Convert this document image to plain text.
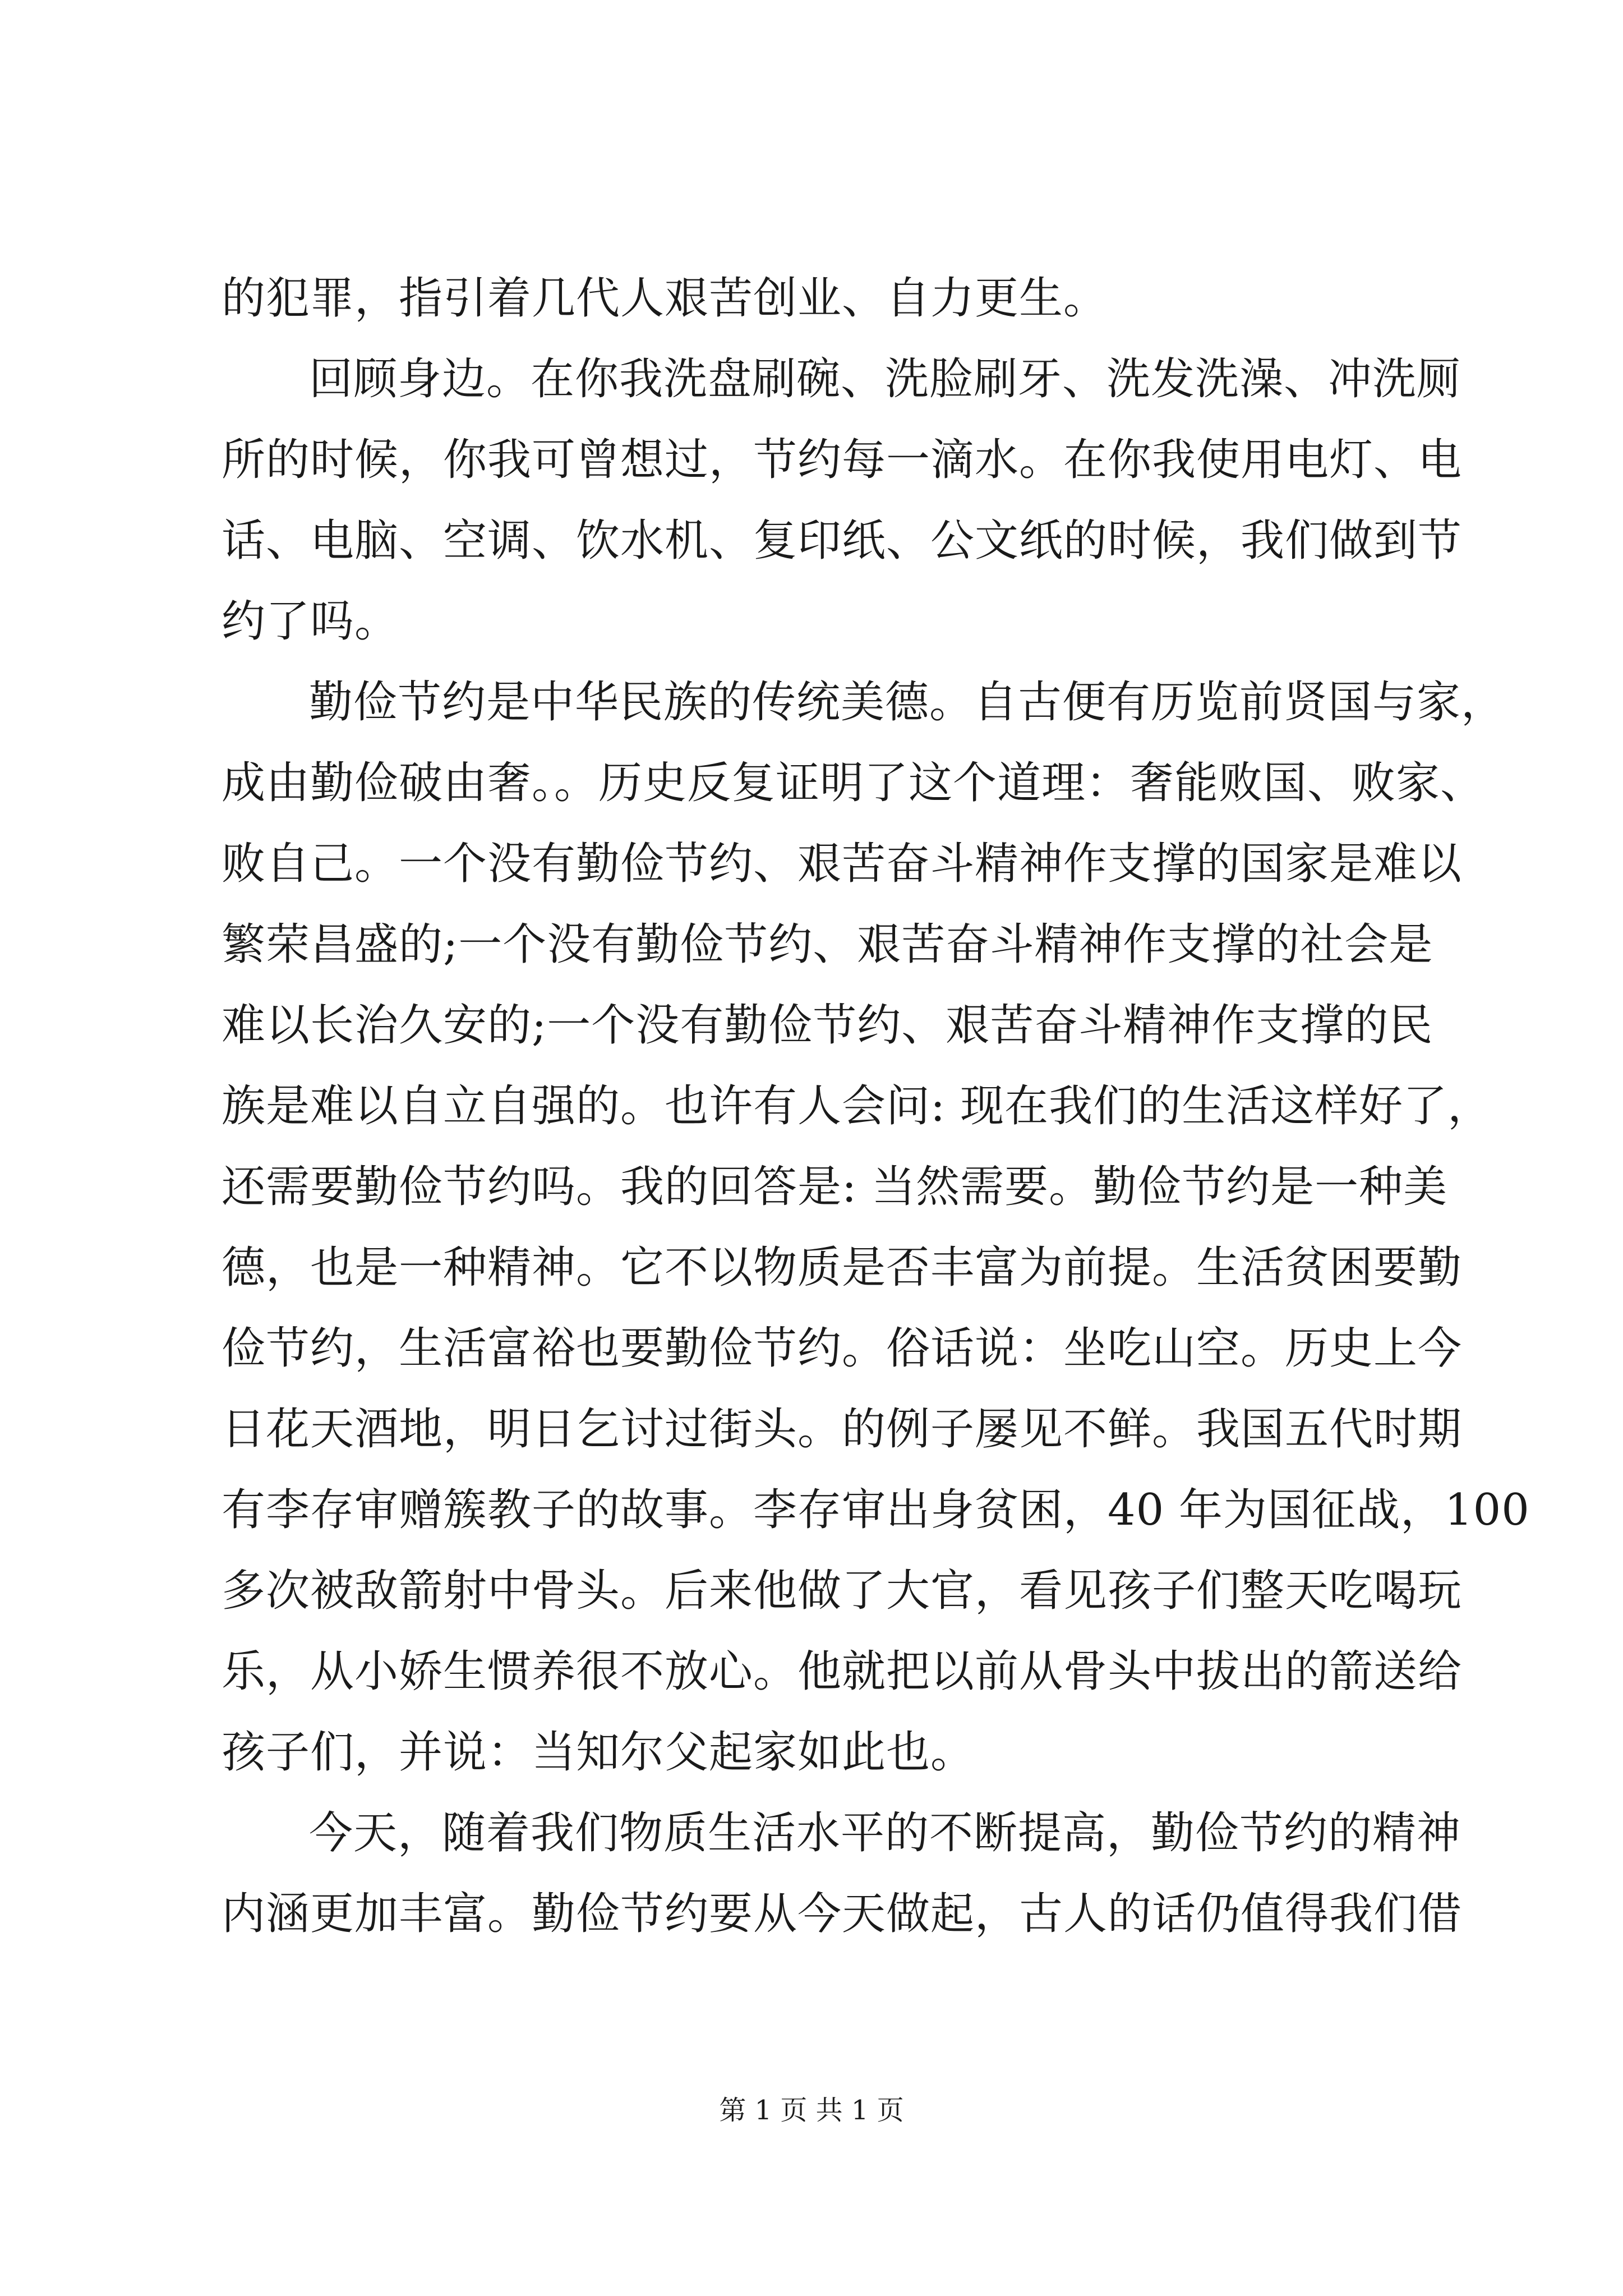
的犯罪，指引着几代人艰苦创业、自力更生。
回顾身边。在你我洗盘刷碗、洗脸刷牙、洗发洗澡、冲洗厕
所的时候，你我可曾想过，节约每一滴水。在你我使用电灯、电
话、电脑、空调、饮水机、复印纸、公文纸的时候，我们做到节
约了吗。
勤俭节约是中华民族的传统美德。自古便有历览前贤国与家，
成由勤俭破由奢。。历史反复证明了这个道理：奢能败国、败家、
败自己。一个没有勤俭节约、艰苦奋斗精神作支撑的国家是难以
繁荣昌盛的;一个没有勤俭节约、艰苦奋斗精神作支撑的社会是
难以长治久安的;一个没有勤俭节约、艰苦奋斗精神作支撑的民
族是难以自立自强的。也许有人会问: 现在我们的生活这样好了，
还需要勤俭节约吗。我的回答是: 当然需要。勤俭节约是一种美
德，也是一种精神。它不以物质是否丰富为前提。生活贫困要勤
俭节约，生活富裕也要勤俭节约。俗话说：坐吃山空。历史上今
日花天酒地，明日乞讨过街头。的例子屡见不鲜。我国五代时期
有李存审赠簇教子的故事。李存审出身贫困，40 年为国征战，100
多次被敌箭射中骨头。后来他做了大官，看见孩子们整天吃喝玩
乐，从小娇生惯养很不放心。他就把以前从骨头中拔出的箭送给
孩子们，并说：当知尔父起家如此也。
今天，随着我们物质生活水平的不断提高，勤俭节约的精神
内涵更加丰富。勤俭节约要从今天做起，古人的话仍值得我们借
第 1 页 共 1 页
